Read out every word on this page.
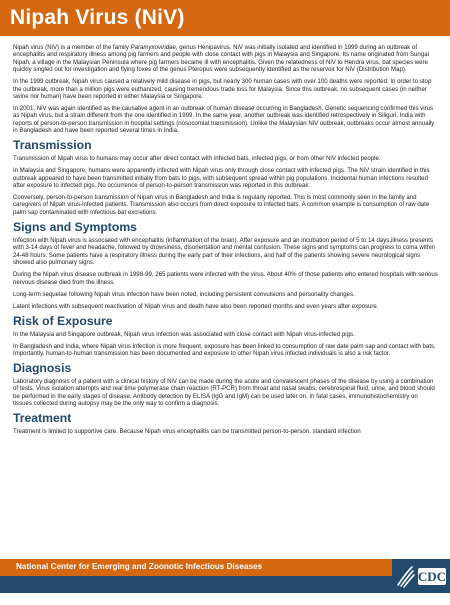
Nipah Virus (NiV)

Nipah virus (NiV) is a member of the family Paramyxoviridae, genus Henipavirus. NiV was initially isolated and identified in 1999 during an outbreak of encephalitis and respiratory illness among pig farmers and people with close contact with pigs in Malaysia and Singapore. Its name originated from Sungai Nipah, a village in the Malaysian Peninsula where pig farmers became ill with encephalitis. Given the relatedness of NiV to Hendra virus, bat species were quickly singled out for investigation and flying foxes of the genus Pteropus were subsequently identified as the reservoir for NiV (Distribution Map).

In the 1999 outbreak, Nipah virus caused a relatively mild disease in pigs, but nearly 300 human cases with over 100 deaths were reported. In order to stop the outbreak, more than a million pigs were euthanized, causing tremendous trade loss for Malaysia. Since this outbreak, no subsequent cases (in neither swine nor human) have been reported in either Malaysia or Singapore.

In 2001, NiV was again identified as the causative agent in an outbreak of human disease occurring in Bangladesh. Genetic sequencing confirmed this virus as Nipah virus, but a strain different from the one identified in 1999. In the same year, another outbreak was identified retrospectively in Siliguri, India with reports of person-to-person transmission in hospital settings (nosocomial transmission). Unlike the Malaysian NiV outbreak, outbreaks occur almost annually in Bangladesh and have been reported several times in India.

Transmission

Transmission of Nipah virus to humans may occur after direct contact with infected bats, infected pigs, or from other NiV infected people.

In Malaysia and Singapore, humans were apparently infected with Nipah virus only through close contact with infected pigs. The NiV strain identified in this outbreak appeared to have been transmitted initially from bats to pigs, with subsequent spread within pig populations. Incidental human infections resulted after exposure to infected pigs. No occurrence of person-to-person transmission was reported in this outbreak.

Conversely, person-to-person transmission of Nipah virus in Bangladesh and India is regularly reported. This is most commonly seen in the family and caregivers of Nipah virus-infected patients. Transmission also occurs from direct exposure to infected bats. A common example is consumption of raw date palm sap contaminated with infectious bat excretions.

Signs and Symptoms

Infection with Nipah virus is associated with encephalitis (inflammation of the brain). After exposure and an incubation period of 5 to 14 days,illness presents with 3-14 days of fever and headache, followed by drowsiness, disorientation and mental confusion. These signs and symptoms can progress to coma within 24-48 hours. Some patients have a respiratory illness during the early part of their infections, and half of the patients showing severe neurological signs showed also pulmonary signs.

During the Nipah virus disease outbreak in 1998-99, 265 patients were infected with the virus. About 40% of those patients who entered hospitals with serious nervous disease died from the illness.

Long-term sequelae following Nipah virus infection have been noted, including persistent convulsions and personality changes.

Latent infections with subsequent reactivation of Nipah virus and death have also been reported months and even years after exposure.

Risk of Exposure

In the Malaysia and Singapore outbreak, Nipah virus infection was associated with close contact with Nipah virus-infected pigs.

In Bangladesh and India, where Nipah virus infection is more frequent, exposure has been linked to consumption of raw date palm sap and contact with bats. Importantly, human-to-human transmission has been documented and exposure to other Nipah virus infected individuals is also a risk factor.

Diagnosis

Laboratory diagnosis of a patient with a clinical history of NiV can be made during the acute and convalescent phases of the disease by using a combination of tests. Virus isolation attempts and real time polymerase chain reaction (RT-PCR) from throat and nasal swabs, cerebrospinal fluid, urine, and blood should be performed in the early stages of disease. Antibody detection by ELISA (IgG and IgM) can be used later on. In fatal cases, immunohistochemistry on tissues collected during autopsy may be the only way to confirm a diagnosis.

Treatment

Treatment is limited to supportive care. Because Nipah virus encephalitis can be transmitted person-to-person, standard infection

National Center for Emerging and Zoonotic Infectious Diseases
Division of High-Consequence Pathogens and Pathology (DHCPP)
CDC
